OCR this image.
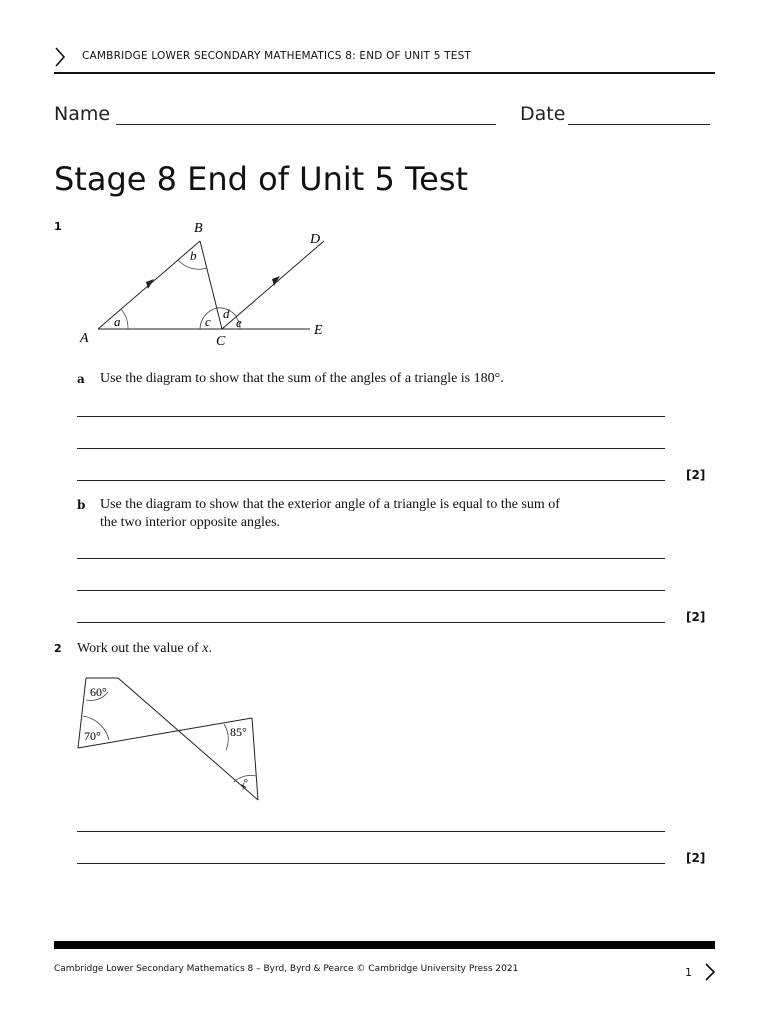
CAMBRIDGE LOWER SECONDARY MATHEMATICS 8: END OF UNIT 5 TEST
Name	Date
Stage 8 End of Unit 5 Test
1	B
D
A	C
E
a
b
c
d
e
a Use the diagram to show that the sum of the angles of a triangle is 180°.
[2]
b Use the diagram to show that the exterior angle of a triangle is equal to the sum of
the two interior opposite angles.
[2]
2 Work out the value of x.
60°
70°	85°
x°
[2]
Cambridge Lower Secondary Mathematics 8 – Byrd, Byrd & Pearce © Cambridge University Press 2021	1
